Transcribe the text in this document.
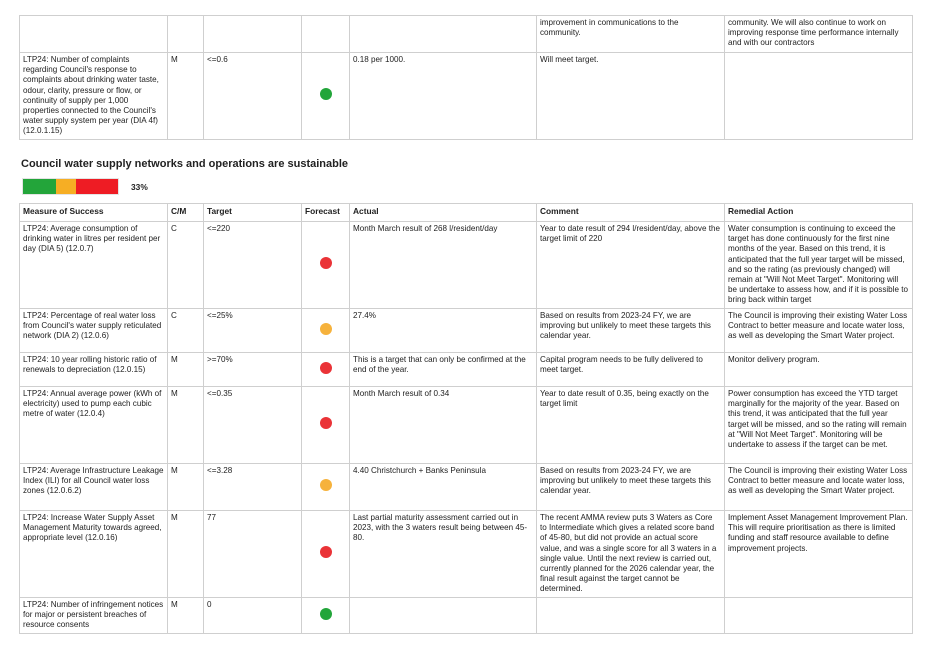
					improvement in communications to the community.	community. We will also continue to work on improving response time performance internally and with our contractors
LTP24: Number of complaints regarding Council's response to complaints about drinking water taste, odour, clarity, pressure or flow, or continuity of supply per 1,000 properties connected to the Council's water supply system per year (DIA 4f) (12.0.1.15)	M	<=0.6		0.18 per 1000.	Will meet target.	
Council water supply networks and operations are sustainable
33%
Measure of Success	C/M	Target	Forecast	Actual	Comment	Remedial Action
LTP24: Average consumption of drinking water in litres per resident per day (DIA 5) (12.0.7)	C	<=220		Month March result of 268 l/resident/day	Year to date result of 294 l/resident/day, above the target limit of 220	Water consumption is continuing to exceed the target has done continuously for the first nine months of the year. Based on this trend, it is anticipated that the full year target will be missed, and so the rating (as previously changed) will remain at "Will Not Meet Target". Monitoring will be undertake to assess how, and if it is possible to bring back within target
LTP24: Percentage of real water loss from Council's water supply reticulated network (DIA 2) (12.0.6)	C	<=25%		27.4%	Based on results from 2023-24 FY, we are improving but unlikely to meet these targets this calendar year.	The Council is improving their existing Water Loss Contract to better measure and locate water loss, as well as developing the Smart Water project.
LTP24: 10 year rolling historic ratio of renewals to depreciation (12.0.15)	M	>=70%		This is a target that can only be confirmed at the end of the year.	Capital program needs to be fully delivered to meet target.	Monitor delivery program.
LTP24: Annual average power (kWh of electricity) used to pump each cubic metre of water (12.0.4)	M	<=0.35		Month March result of 0.34	Year to date result of 0.35, being exactly on the target limit	Power consumption has exceed the YTD target marginally for the majority of the year. Based on this trend, it was anticipated that the full year target will be missed, and so the rating will remain at "Will Not Meet Target". Monitoring will be undertake to assess if the target can be met.
LTP24: Average Infrastructure Leakage Index (ILI) for all Council water loss zones (12.0.6.2)	M	<=3.28		4.40 Christchurch + Banks Peninsula	Based on results from 2023-24 FY, we are improving but unlikely to meet these targets this calendar year.	The Council is improving their existing Water Loss Contract to better measure and locate water loss, as well as developing the Smart Water project.
LTP24: Increase Water Supply Asset Management Maturity towards agreed, appropriate level (12.0.16)	M	77		Last partial maturity assessment carried out in 2023, with the 3 waters result being between 45-80.	The recent AMMA review puts 3 Waters as Core to Intermediate which gives a related score band of 45-80, but did not provide an actual score value, and was a single score for all 3 waters in a single value. Until the next review is carried out, currently planned for the 2026 calendar year, the final result against the target cannot be determined.	Implement Asset Management Improvement Plan. This will require prioritisation as there is limited funding and staff resource available to define improvement projects.
LTP24: Number of infringement notices for major or persistent breaches of resource consents	M	0				
